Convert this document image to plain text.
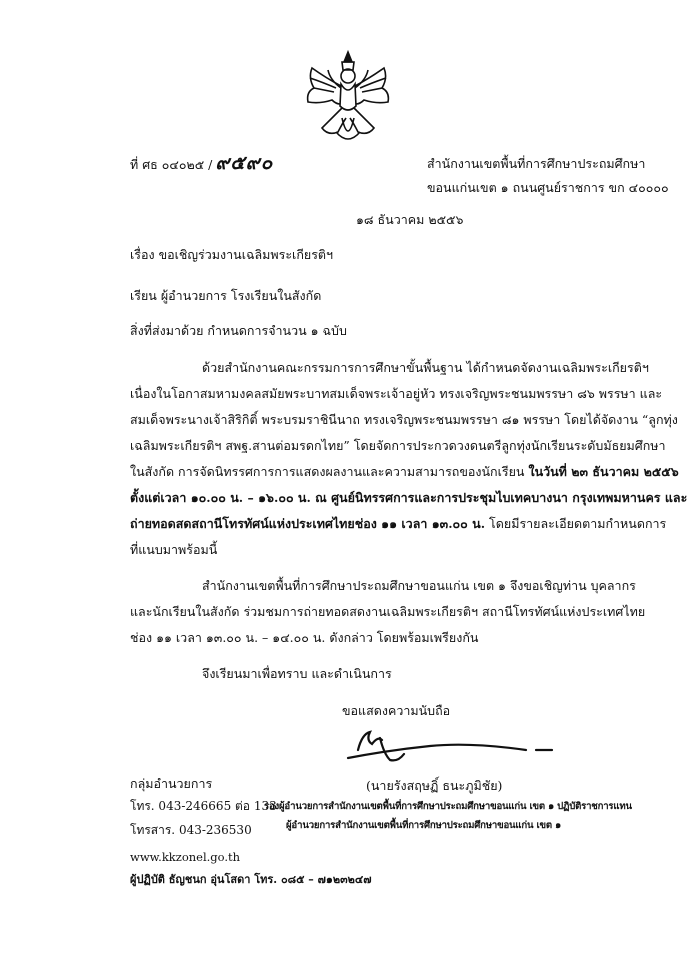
ที่ ศธ ๐๔๐๒๕ / ๙๕๙๐	สำนักงานเขตพื้นที่การศึกษาประถมศึกษา
ขอนแก่นเขต ๑ ถนนศูนย์ราชการ ขก ๔๐๐๐๐
๑๘ ธันวาคม ๒๕๕๖
เรื่อง ขอเชิญร่วมงานเฉลิมพระเกียรติฯ
เรียน ผู้อำนวยการ โรงเรียนในสังกัด
สิ่งที่ส่งมาด้วย กำหนดการจำนวน ๑ ฉบับ
ด้วยสำนักงานคณะกรรมการการศึกษาขั้นพื้นฐาน ได้กำหนดจัดงานเฉลิมพระเกียรติฯ
เนื่องในโอกาสมหามงคลสมัยพระบาทสมเด็จพระเจ้าอยู่หัว ทรงเจริญพระชนมพรรษา ๘๖ พรรษา และ
สมเด็จพระนางเจ้าสิริกิติ์ พระบรมราชินีนาถ ทรงเจริญพระชนมพรรษา ๘๑ พรรษา โดยได้จัดงาน “ลูกทุ่ง
เฉลิมพระเกียรติฯ สพฐ.สานต่อมรดกไทย” โดยจัดการประกวดวงดนตรีลูกทุ่งนักเรียนระดับมัธยมศึกษา
ในสังกัด การจัดนิทรรศการการแสดงผลงานและความสามารถของนักเรียน ในวันที่ ๒๓ ธันวาคม ๒๕๕๖
ตั้งแต่เวลา ๑๐.๐๐ น. – ๑๖.๐๐ น. ณ ศูนย์นิทรรศการและการประชุมไบเทคบางนา กรุงเทพมหานคร และ
ถ่ายทอดสดสถานีโทรทัศน์แห่งประเทศไทยช่อง ๑๑ เวลา ๑๓.๐๐ น. โดยมีรายละเอียดตามกำหนดการ
ที่แนบมาพร้อมนี้
สำนักงานเขตพื้นที่การศึกษาประถมศึกษาขอนแก่น เขต ๑ จึงขอเชิญท่าน บุคลากร
และนักเรียนในสังกัด ร่วมชมการถ่ายทอดสดงานเฉลิมพระเกียรติฯ สถานีโทรทัศน์แห่งประเทศไทย
ช่อง ๑๑ เวลา ๑๓.๐๐ น. – ๑๔.๐๐ น. ดังกล่าว โดยพร้อมเพรียงกัน
จึงเรียนมาเพื่อทราบ และดำเนินการ
ขอแสดงความนับถือ
(นายรังสฤษฏิ์ ธนะภูมิชัย)
กลุ่มอำนวยการ
โทร. 043-246665 ต่อ 133
โทรสาร. 043-236530
www.kkzonel.go.th
ผู้ปฏิบัติ ธัญชนก อุ่นโสดา โทร. ๐๘๕ – ๗๑๒๓๒๔๗
รองผู้อำนวยการสำนักงานเขตพื้นที่การศึกษาประถมศึกษาขอนแก่น เขต ๑ ปฏิบัติราชการแทน
ผู้อำนวยการสำนักงานเขตพื้นที่การศึกษาประถมศึกษาขอนแก่น เขต ๑
